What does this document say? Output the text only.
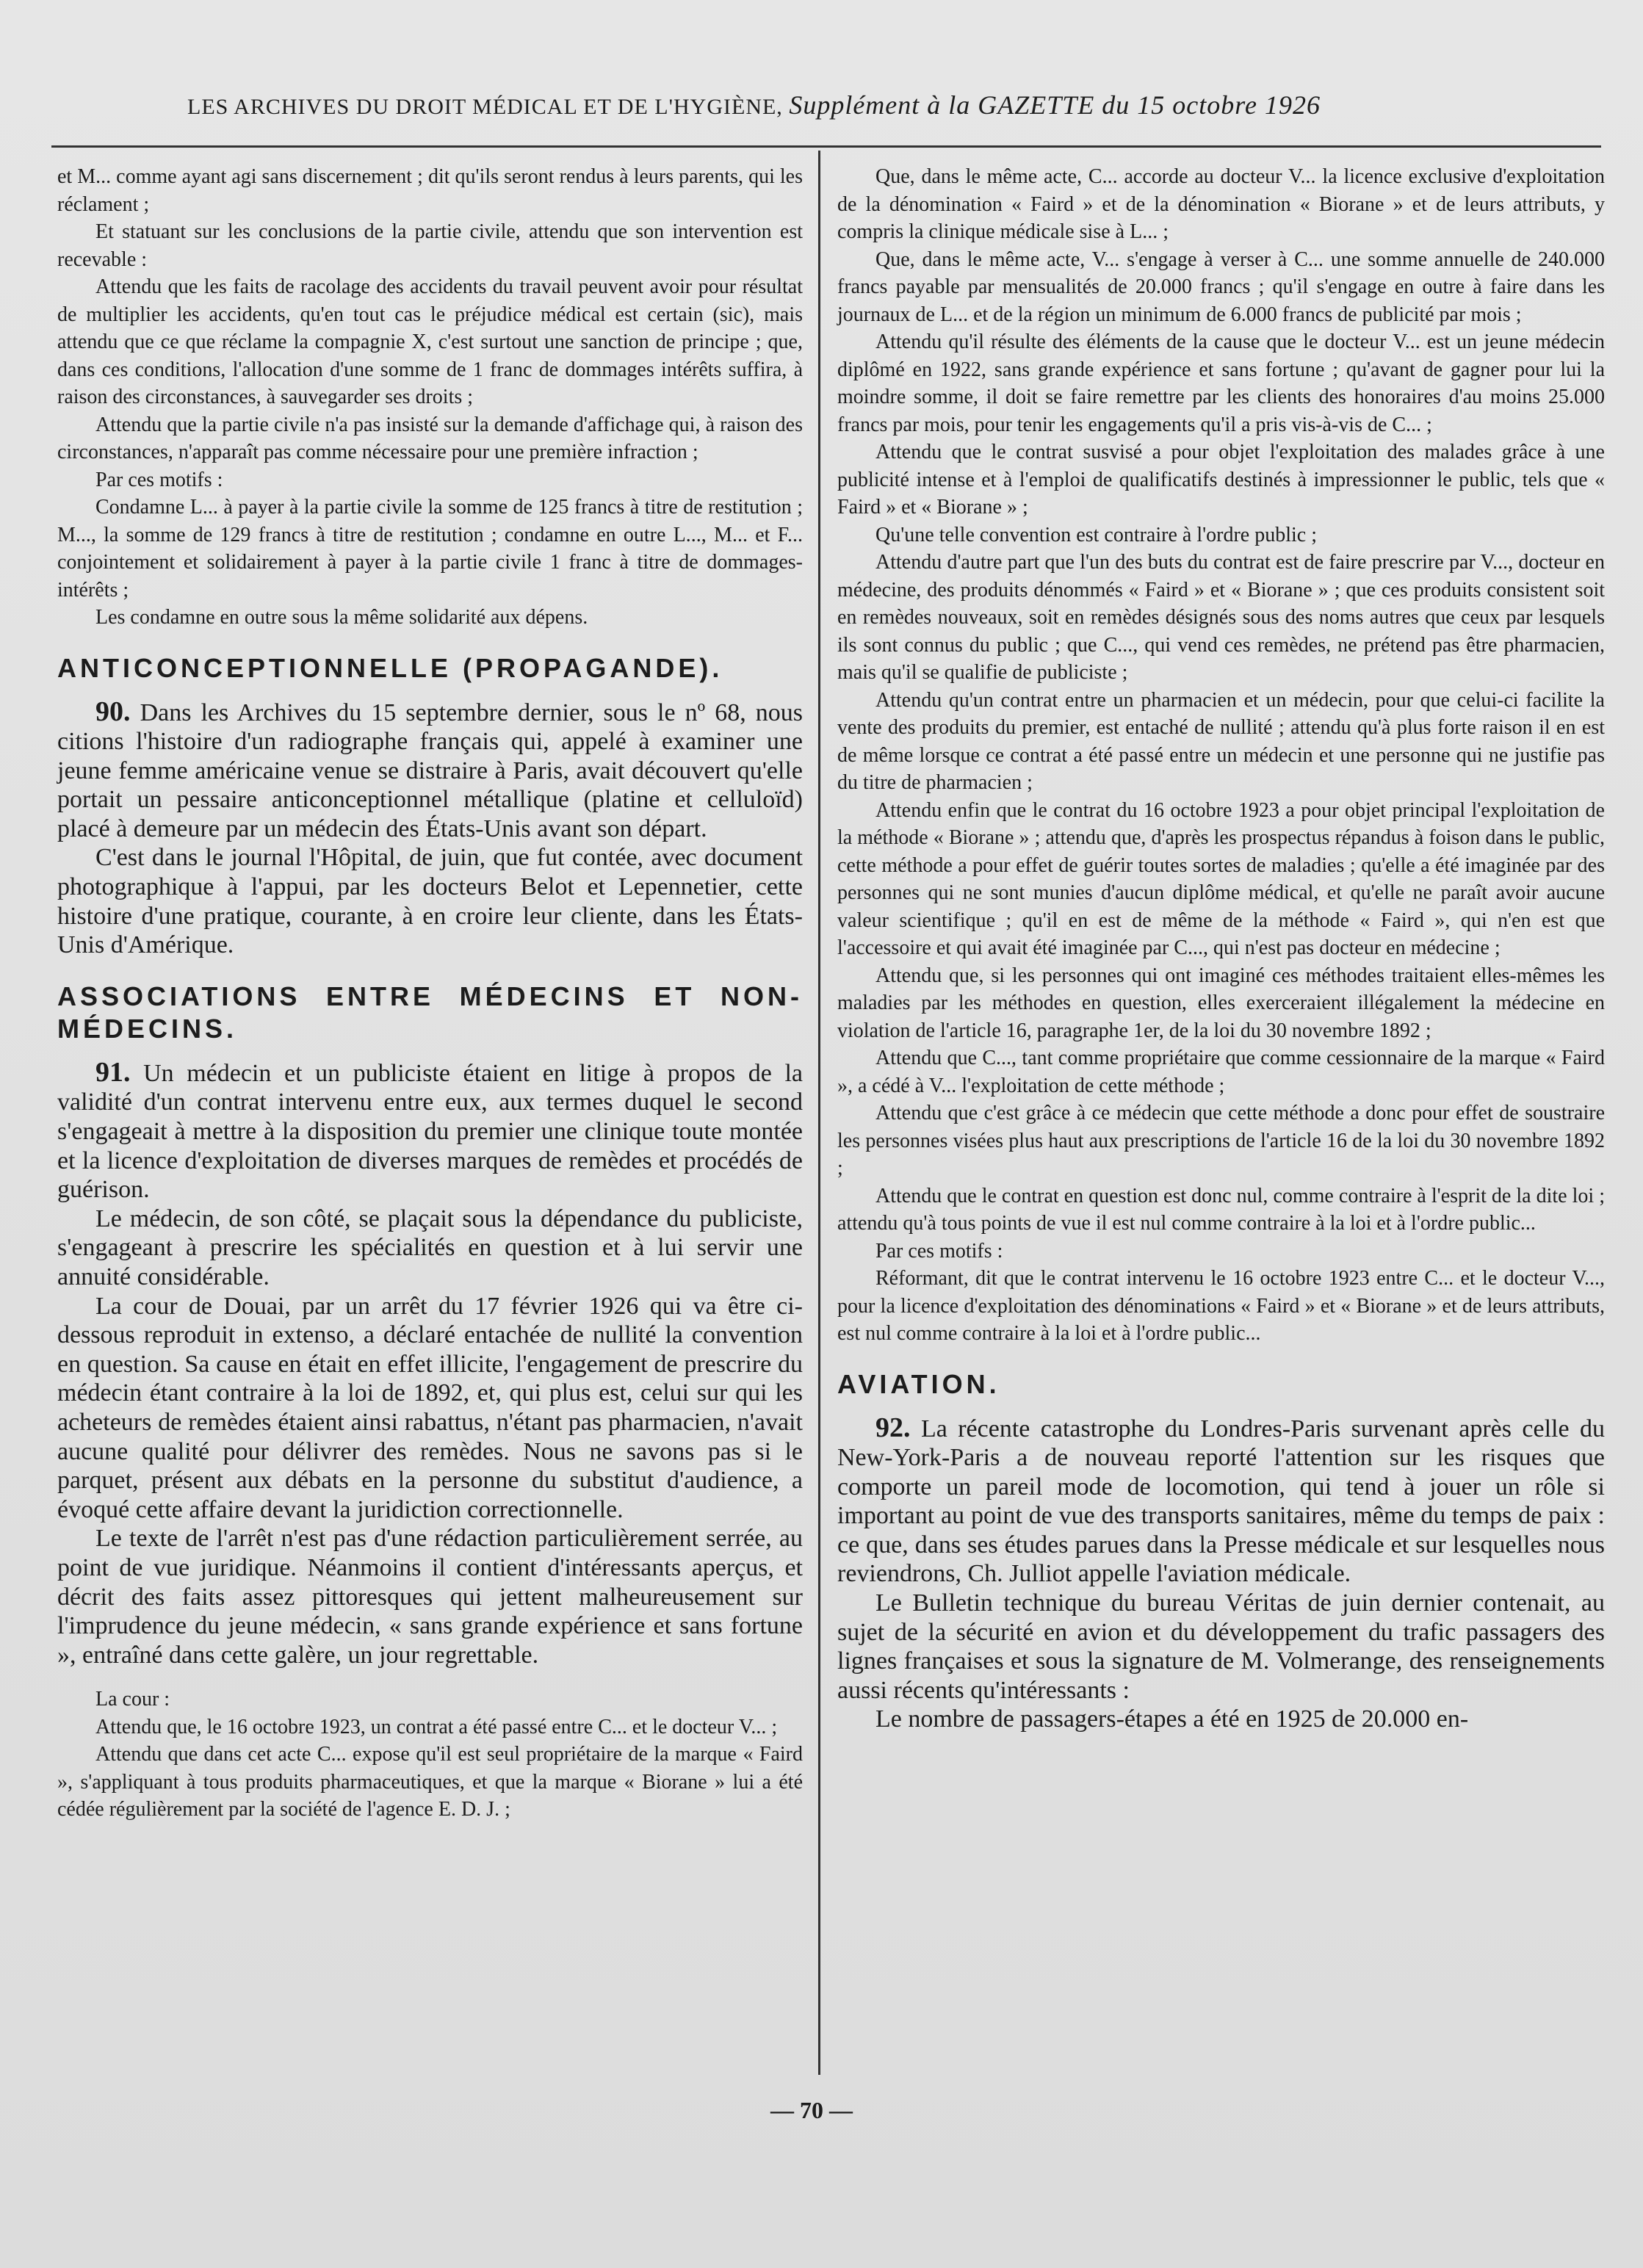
LES ARCHIVES DU DROIT MÉDICAL ET DE L'HYGIÈNE, Supplément à la GAZETTE du 15 octobre 1926

et M... comme ayant agi sans discernement ; dit qu'ils seront rendus à leurs parents, qui les réclament ;

Et statuant sur les conclusions de la partie civile, attendu que son intervention est recevable :

Attendu que les faits de racolage des accidents du travail peuvent avoir pour résultat de multiplier les accidents, qu'en tout cas le préjudice médical est certain (sic), mais attendu que ce que réclame la compagnie X, c'est surtout une sanction de principe ; que, dans ces conditions, l'allocation d'une somme de 1 franc de dommages intérêts suffira, à raison des circonstances, à sauvegarder ses droits ;

Attendu que la partie civile n'a pas insisté sur la demande d'affichage qui, à raison des circonstances, n'apparaît pas comme nécessaire pour une première infraction ;

Par ces motifs :

Condamne L... à payer à la partie civile la somme de 125 francs à titre de restitution ; M..., la somme de 129 francs à titre de restitution ; condamne en outre L..., M... et F... conjointement et solidairement à payer à la partie civile 1 franc à titre de dommages-intérêts ;

Les condamne en outre sous la même solidarité aux dépens.

ANTICONCEPTIONNELLE (PROPAGANDE).

90. Dans les Archives du 15 septembre dernier, sous le nº 68, nous citions l'histoire d'un radiographe français qui, appelé à examiner une jeune femme américaine venue se distraire à Paris, avait découvert qu'elle portait un pessaire anticonceptionnel métallique (platine et celluloïd) placé à demeure par un médecin des États-Unis avant son départ.

C'est dans le journal l'Hôpital, de juin, que fut contée, avec document photographique à l'appui, par les docteurs Belot et Lepennetier, cette histoire d'une pratique, courante, à en croire leur cliente, dans les États-Unis d'Amérique.

ASSOCIATIONS ENTRE MÉDECINS ET NON-MÉDECINS.

91. Un médecin et un publiciste étaient en litige à propos de la validité d'un contrat intervenu entre eux, aux termes duquel le second s'engageait à mettre à la disposition du premier une clinique toute montée et la licence d'exploitation de diverses marques de remèdes et procédés de guérison.

Le médecin, de son côté, se plaçait sous la dépendance du publiciste, s'engageant à prescrire les spécialités en question et à lui servir une annuité considérable.

La cour de Douai, par un arrêt du 17 février 1926 qui va être ci-dessous reproduit in extenso, a déclaré entachée de nullité la convention en question. Sa cause en était en effet illicite, l'engagement de prescrire du médecin étant contraire à la loi de 1892, et, qui plus est, celui sur qui les acheteurs de remèdes étaient ainsi rabattus, n'étant pas pharmacien, n'avait aucune qualité pour délivrer des remèdes. Nous ne savons pas si le parquet, présent aux débats en la personne du substitut d'audience, a évoqué cette affaire devant la juridiction correctionnelle.

Le texte de l'arrêt n'est pas d'une rédaction particulièrement serrée, au point de vue juridique. Néanmoins il contient d'intéressants aperçus, et décrit des faits assez pittoresques qui jettent malheureusement sur l'imprudence du jeune médecin, « sans grande expérience et sans fortune », entraîné dans cette galère, un jour regrettable.

La cour :

Attendu que, le 16 octobre 1923, un contrat a été passé entre C... et le docteur V... ;

Attendu que dans cet acte C... expose qu'il est seul propriétaire de la marque « Faird », s'appliquant à tous produits pharmaceutiques, et que la marque « Biorane » lui a été cédée régulièrement par la société de l'agence E. D. J. ;

Que, dans le même acte, C... accorde au docteur V... la licence exclusive d'exploitation de la dénomination « Faird » et de la dénomination « Biorane » et de leurs attributs, y compris la clinique médicale sise à L... ;

Que, dans le même acte, V... s'engage à verser à C... une somme annuelle de 240.000 francs payable par mensualités de 20.000 francs ; qu'il s'engage en outre à faire dans les journaux de L... et de la région un minimum de 6.000 francs de publicité par mois ;

Attendu qu'il résulte des éléments de la cause que le docteur V... est un jeune médecin diplômé en 1922, sans grande expérience et sans fortune ; qu'avant de gagner pour lui la moindre somme, il doit se faire remettre par les clients des honoraires d'au moins 25.000 francs par mois, pour tenir les engagements qu'il a pris vis-à-vis de C... ;

Attendu que le contrat susvisé a pour objet l'exploitation des malades grâce à une publicité intense et à l'emploi de qualificatifs destinés à impressionner le public, tels que « Faird » et « Biorane » ;

Qu'une telle convention est contraire à l'ordre public ;

Attendu d'autre part que l'un des buts du contrat est de faire prescrire par V..., docteur en médecine, des produits dénommés « Faird » et « Biorane » ; que ces produits consistent soit en remèdes nouveaux, soit en remèdes désignés sous des noms autres que ceux par lesquels ils sont connus du public ; que C..., qui vend ces remèdes, ne prétend pas être pharmacien, mais qu'il se qualifie de publiciste ;

Attendu qu'un contrat entre un pharmacien et un médecin, pour que celui-ci facilite la vente des produits du premier, est entaché de nullité ; attendu qu'à plus forte raison il en est de même lorsque ce contrat a été passé entre un médecin et une personne qui ne justifie pas du titre de pharmacien ;

Attendu enfin que le contrat du 16 octobre 1923 a pour objet principal l'exploitation de la méthode « Biorane » ; attendu que, d'après les prospectus répandus à foison dans le public, cette méthode a pour effet de guérir toutes sortes de maladies ; qu'elle a été imaginée par des personnes qui ne sont munies d'aucun diplôme médical, et qu'elle ne paraît avoir aucune valeur scientifique ; qu'il en est de même de la méthode « Faird », qui n'en est que l'accessoire et qui avait été imaginée par C..., qui n'est pas docteur en médecine ;

Attendu que, si les personnes qui ont imaginé ces méthodes traitaient elles-mêmes les maladies par les méthodes en question, elles exerceraient illégalement la médecine en violation de l'article 16, paragraphe 1er, de la loi du 30 novembre 1892 ;

Attendu que C..., tant comme propriétaire que comme cessionnaire de la marque « Faird », a cédé à V... l'exploitation de cette méthode ;

Attendu que c'est grâce à ce médecin que cette méthode a donc pour effet de soustraire les personnes visées plus haut aux prescriptions de l'article 16 de la loi du 30 novembre 1892 ;

Attendu que le contrat en question est donc nul, comme contraire à l'esprit de la dite loi ; attendu qu'à tous points de vue il est nul comme contraire à la loi et à l'ordre public...

Par ces motifs :

Réformant, dit que le contrat intervenu le 16 octobre 1923 entre C... et le docteur V..., pour la licence d'exploitation des dénominations « Faird » et « Biorane » et de leurs attributs, est nul comme contraire à la loi et à l'ordre public...

AVIATION.

92. La récente catastrophe du Londres-Paris survenant après celle du New-York-Paris a de nouveau reporté l'attention sur les risques que comporte un pareil mode de locomotion, qui tend à jouer un rôle si important au point de vue des transports sanitaires, même du temps de paix : ce que, dans ses études parues dans la Presse médicale et sur lesquelles nous reviendrons, Ch. Julliot appelle l'aviation médicale.

Le Bulletin technique du bureau Véritas de juin dernier contenait, au sujet de la sécurité en avion et du développement du trafic passagers des lignes françaises et sous la signature de M. Volmerange, des renseignements aussi récents qu'intéressants :

Le nombre de passagers-étapes a été en 1925 de 20.000 en-

— 70 —
